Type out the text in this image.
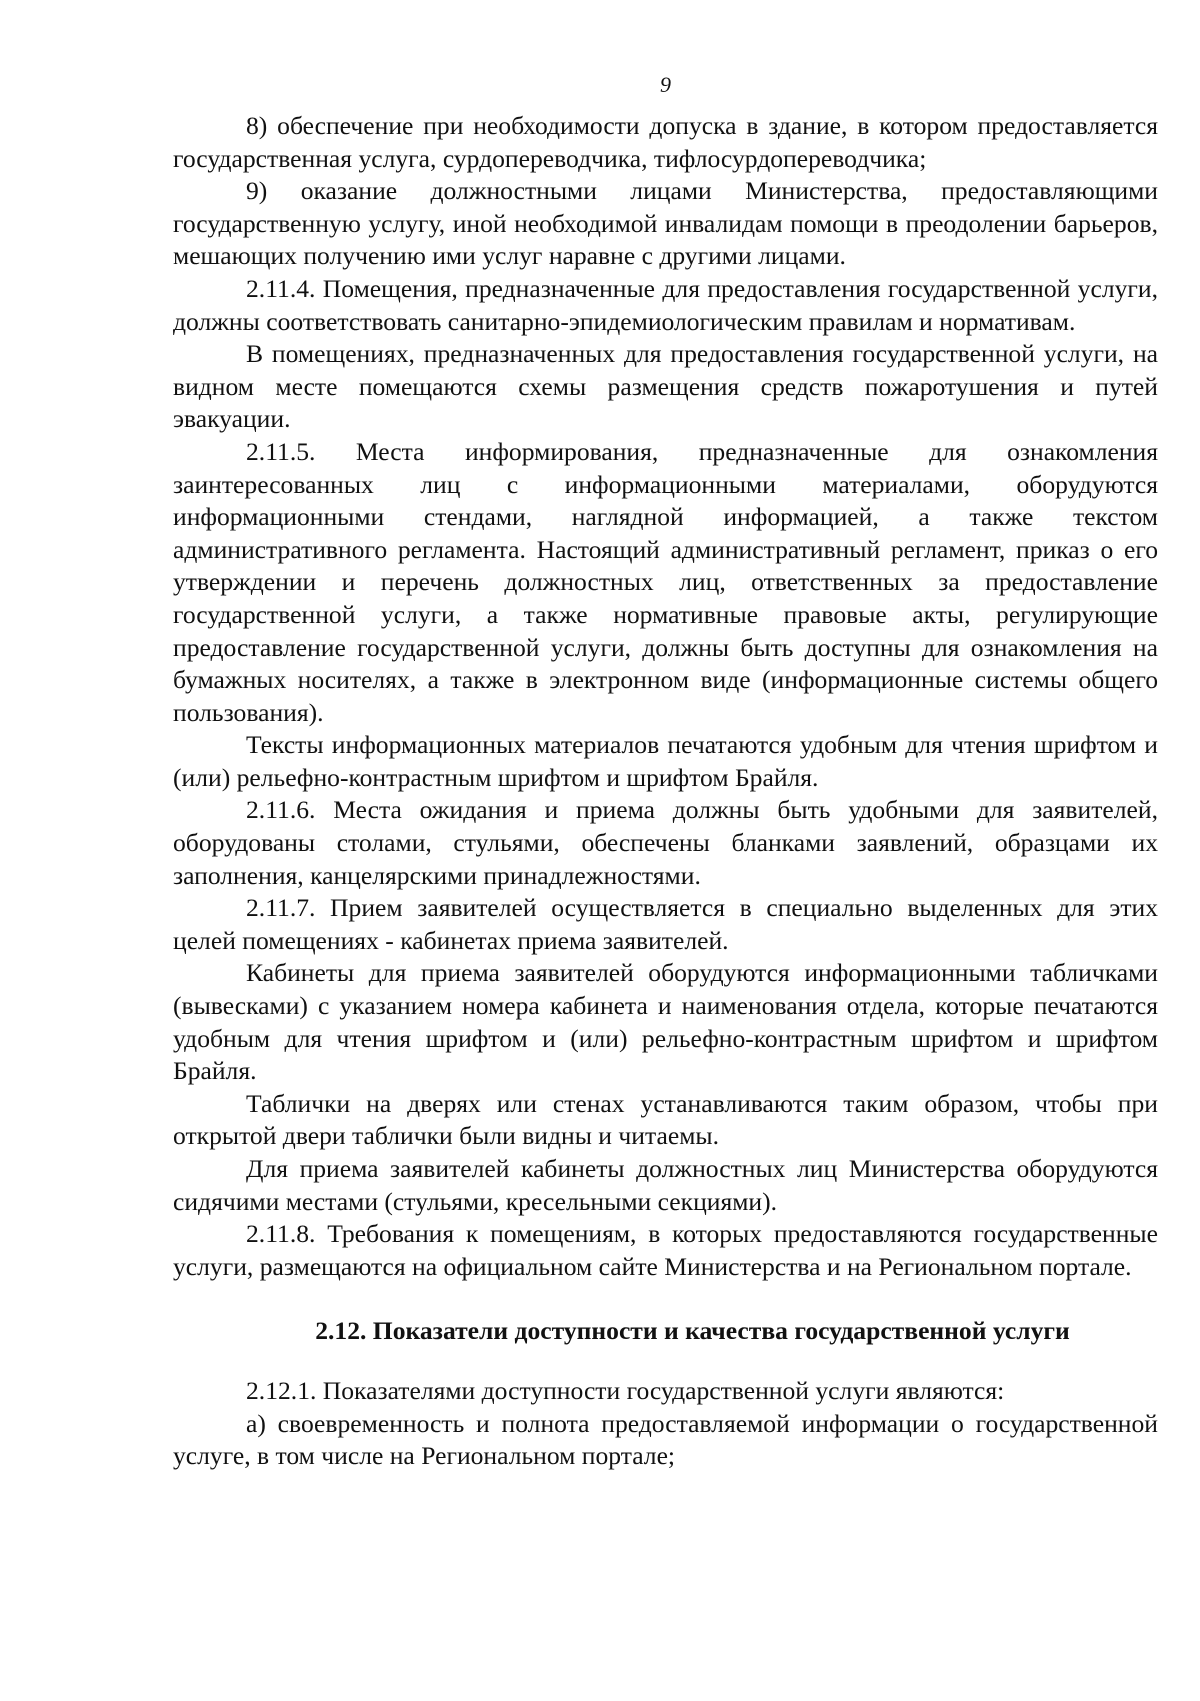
9

8) обеспечение при необходимости допуска в здание, в котором предоставляется государственная услуга, сурдопереводчика, тифлосурдопереводчика;

9) оказание должностными лицами Министерства, предоставляющими государственную услугу, иной необходимой инвалидам помощи в преодолении барьеров, мешающих получению ими услуг наравне с другими лицами.

2.11.4. Помещения, предназначенные для предоставления государственной услуги, должны соответствовать санитарно-эпидемиологическим правилам и нормативам.

В помещениях, предназначенных для предоставления государственной услуги, на видном месте помещаются схемы размещения средств пожаротушения и путей эвакуации.

2.11.5. Места информирования, предназначенные для ознакомления заинтересованных лиц с информационными материалами, оборудуются информационными стендами, наглядной информацией, а также текстом административного регламента. Настоящий административный регламент, приказ о его утверждении и перечень должностных лиц, ответственных за предоставление государственной услуги, а также нормативные правовые акты, регулирующие предоставление государственной услуги, должны быть доступны для ознакомления на бумажных носителях, а также в электронном виде (информационные системы общего пользования).

Тексты информационных материалов печатаются удобным для чтения шрифтом и (или) рельефно-контрастным шрифтом и шрифтом Брайля.

2.11.6. Места ожидания и приема должны быть удобными для заявителей, оборудованы столами, стульями, обеспечены бланками заявлений, образцами их заполнения, канцелярскими принадлежностями.

2.11.7. Прием заявителей осуществляется в специально выделенных для этих целей помещениях - кабинетах приема заявителей.

Кабинеты для приема заявителей оборудуются информационными табличками (вывесками) с указанием номера кабинета и наименования отдела, которые печатаются удобным для чтения шрифтом и (или) рельефно-контрастным шрифтом и шрифтом Брайля.

Таблички на дверях или стенах устанавливаются таким образом, чтобы при открытой двери таблички были видны и читаемы.

Для приема заявителей кабинеты должностных лиц Министерства оборудуются сидячими местами (стульями, кресельными секциями).

2.11.8. Требования к помещениям, в которых предоставляются государственные услуги, размещаются на официальном сайте Министерства и на Региональном портале.

2.12. Показатели доступности и качества государственной услуги

2.12.1. Показателями доступности государственной услуги являются:

а) своевременность и полнота предоставляемой информации о государственной услуге, в том числе на Региональном портале;
